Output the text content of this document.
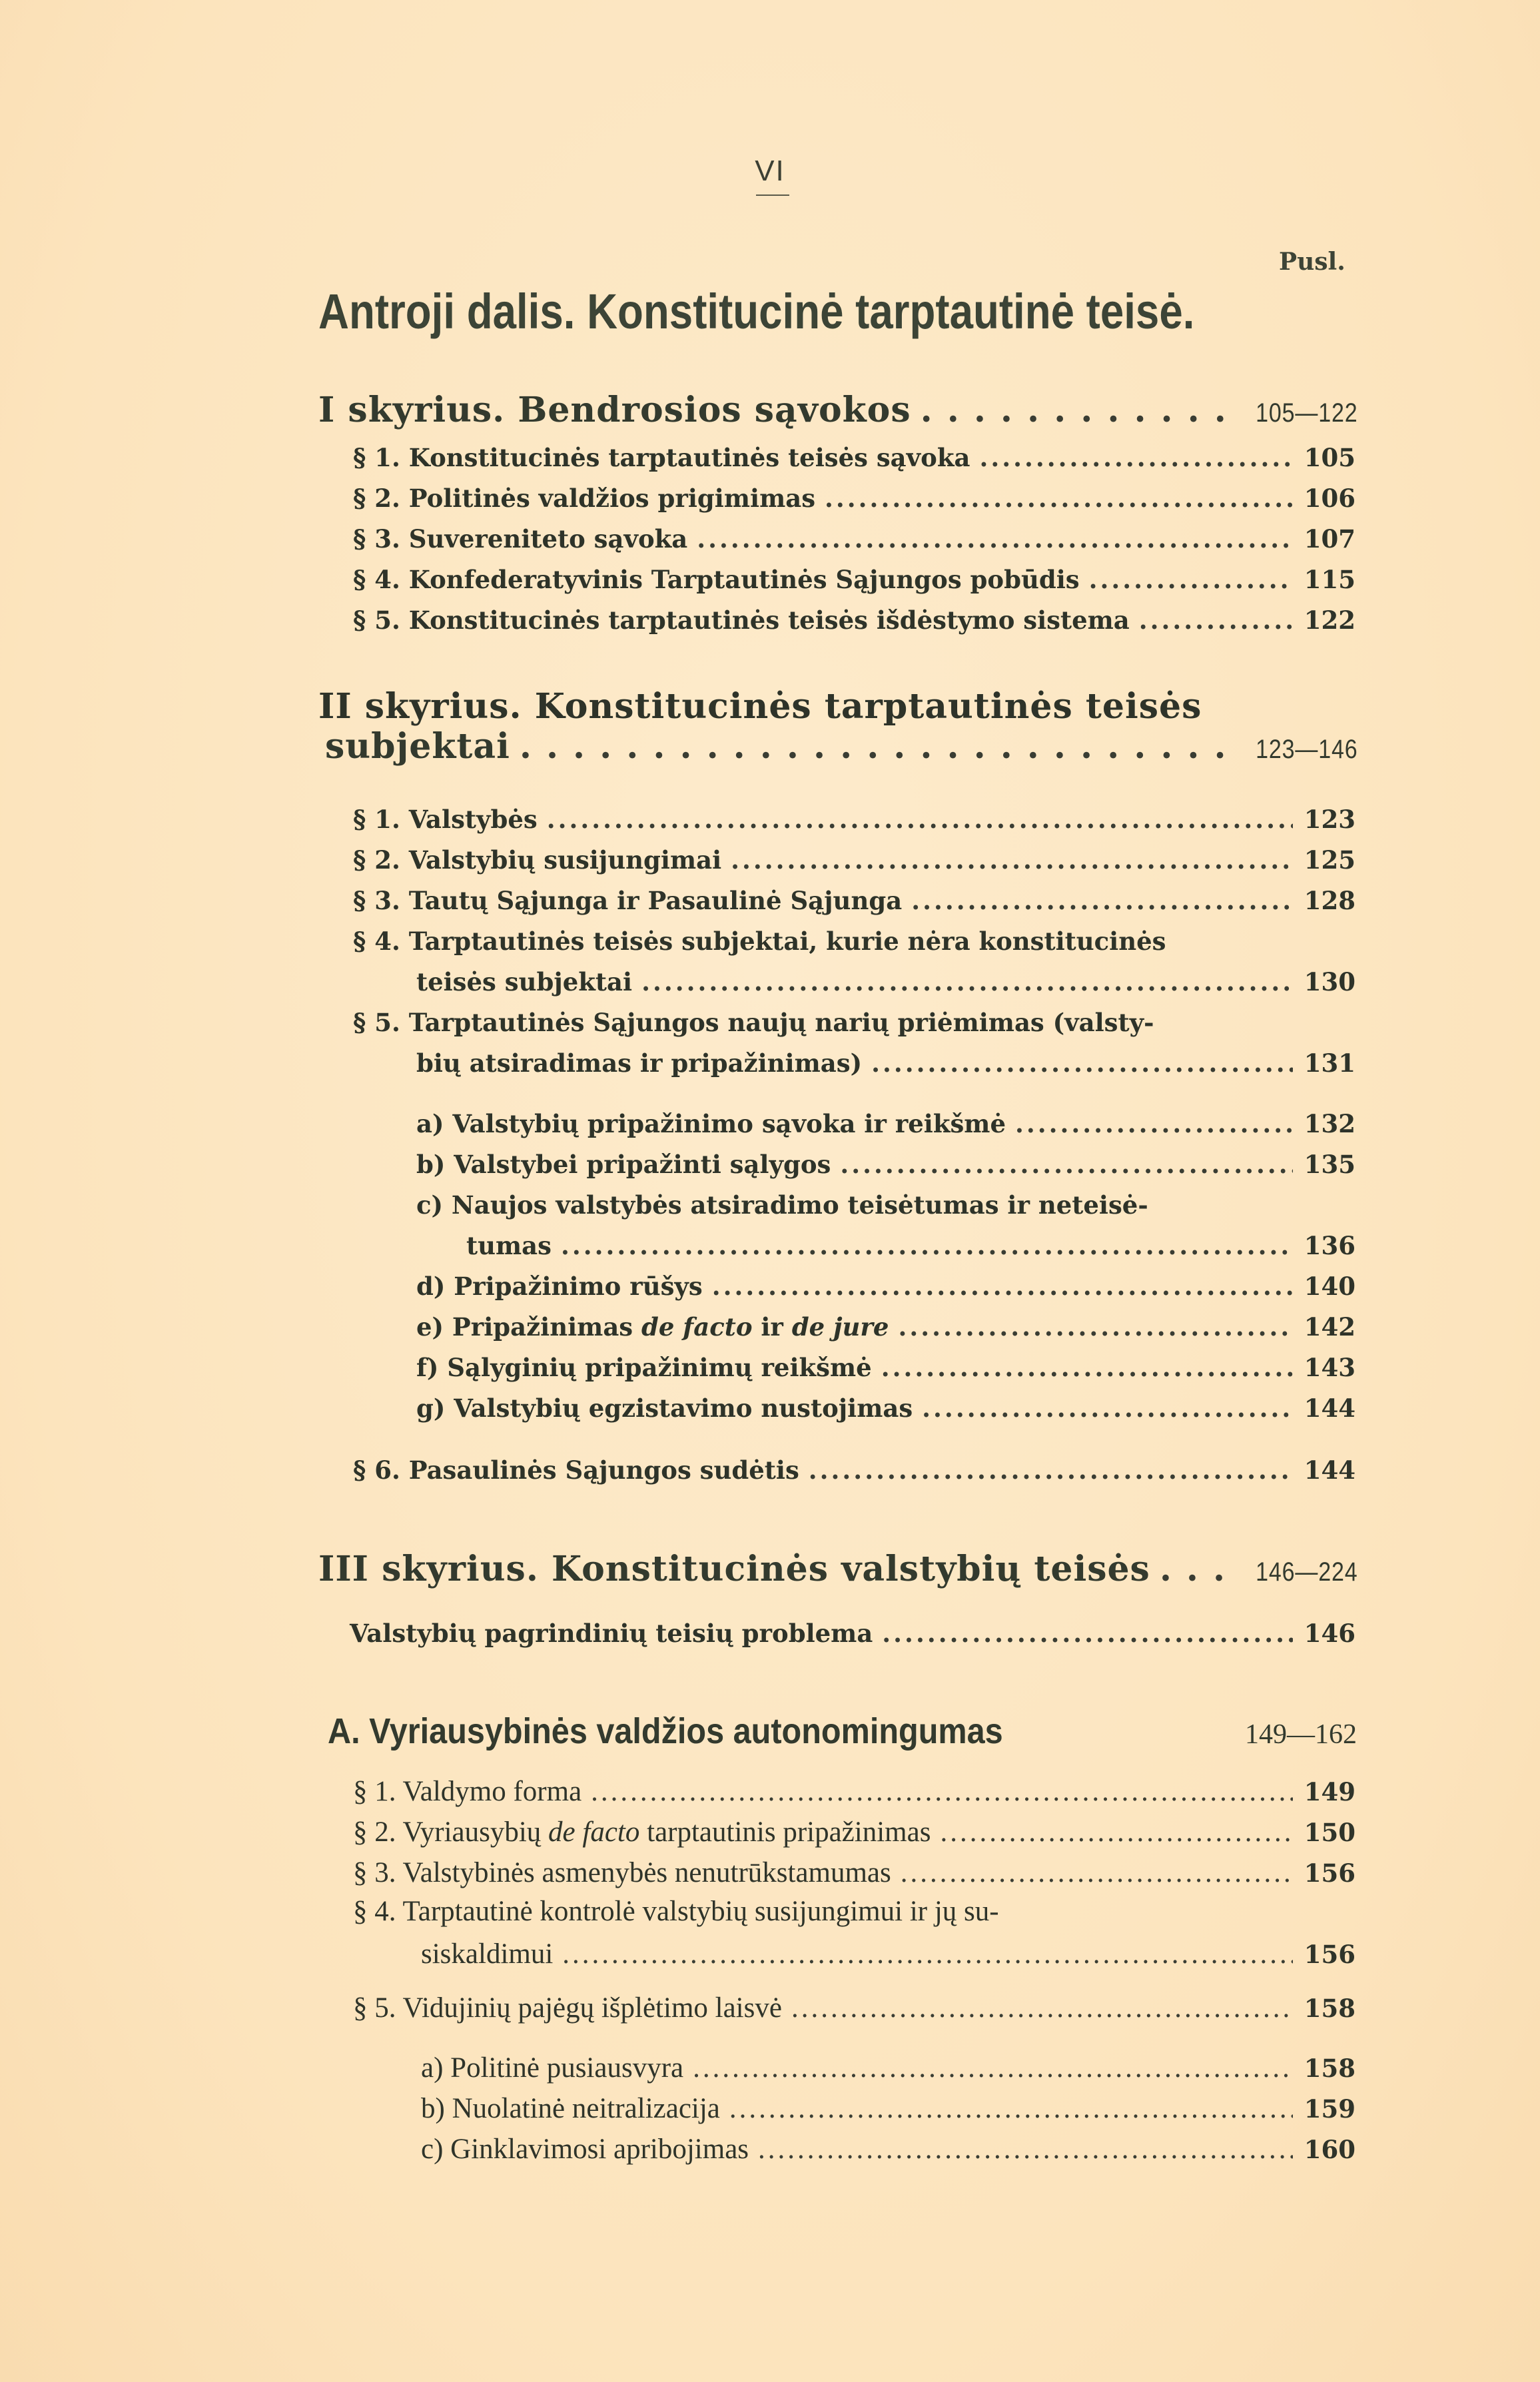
VI
Pusl.
Antroji dalis. Konstitucinė tarptautinė teisė.
I skyrius. Bendrosios sąvokos .....	105—122
§ 1. Konstitucinės tarptautinės teisės sąvoka .....	105
§ 2. Politinės valdžios prigimimas .....	106
§ 3. Suvereniteto sąvoka .....	107
§ 4. Konfederatyvinis Tarptautinės Sąjungos pobūdis .....	115
§ 5. Konstitucinės tarptautinės teisės išdėstymo sistema .....	122
II skyrius. Konstitucinės tarptautinės teisės
subjektai .....	123—146
§ 1. Valstybės .....	123
§ 2. Valstybių susijungimai .....	125
§ 3. Tautų Sąjunga ir Pasaulinė Sąjunga .....	128
§ 4. Tarptautinės teisės subjektai, kurie nėra konstitucinės
teisės subjektai .....	130
§ 5. Tarptautinės Sąjungos naujų narių priėmimas (valsty-
bių atsiradimas ir pripažinimas) .....	131
a) Valstybių pripažinimo sąvoka ir reikšmė .....	132
b) Valstybei pripažinti sąlygos .....	135
c) Naujos valstybės atsiradimo teisėtumas ir neteisė-
tumas .....	136
d) Pripažinimo rūšys .....	140
e) Pripažinimas de facto ir de jure .....	142
f) Sąlyginių pripažinimų reikšmė .....	143
g) Valstybių egzistavimo nustojimas .....	144
§ 6. Pasaulinės Sąjungos sudėtis .....	144
III skyrius. Konstitucinės valstybių teisės .....	146—224
Valstybių pagrindinių teisių problema .....	146
A. Vyriausybinės valdžios autonomingumas	149—162
§ 1. Valdymo forma .....	149
§ 2. Vyriausybių de facto tarptautinis pripažinimas .....	150
§ 3. Valstybinės asmenybės nenutrūkstamumas .....	156
§ 4. Tarptautinė kontrolė valstybių susijungimui ir jų su-
siskaldimui .....	156
§ 5. Vidujinių pajėgų išplėtimo laisvė .....	158
a) Politinė pusiausvyra .....	158
b) Nuolatinė neitralizacija .....	159
c) Ginklavimosi apribojimas .....	160
